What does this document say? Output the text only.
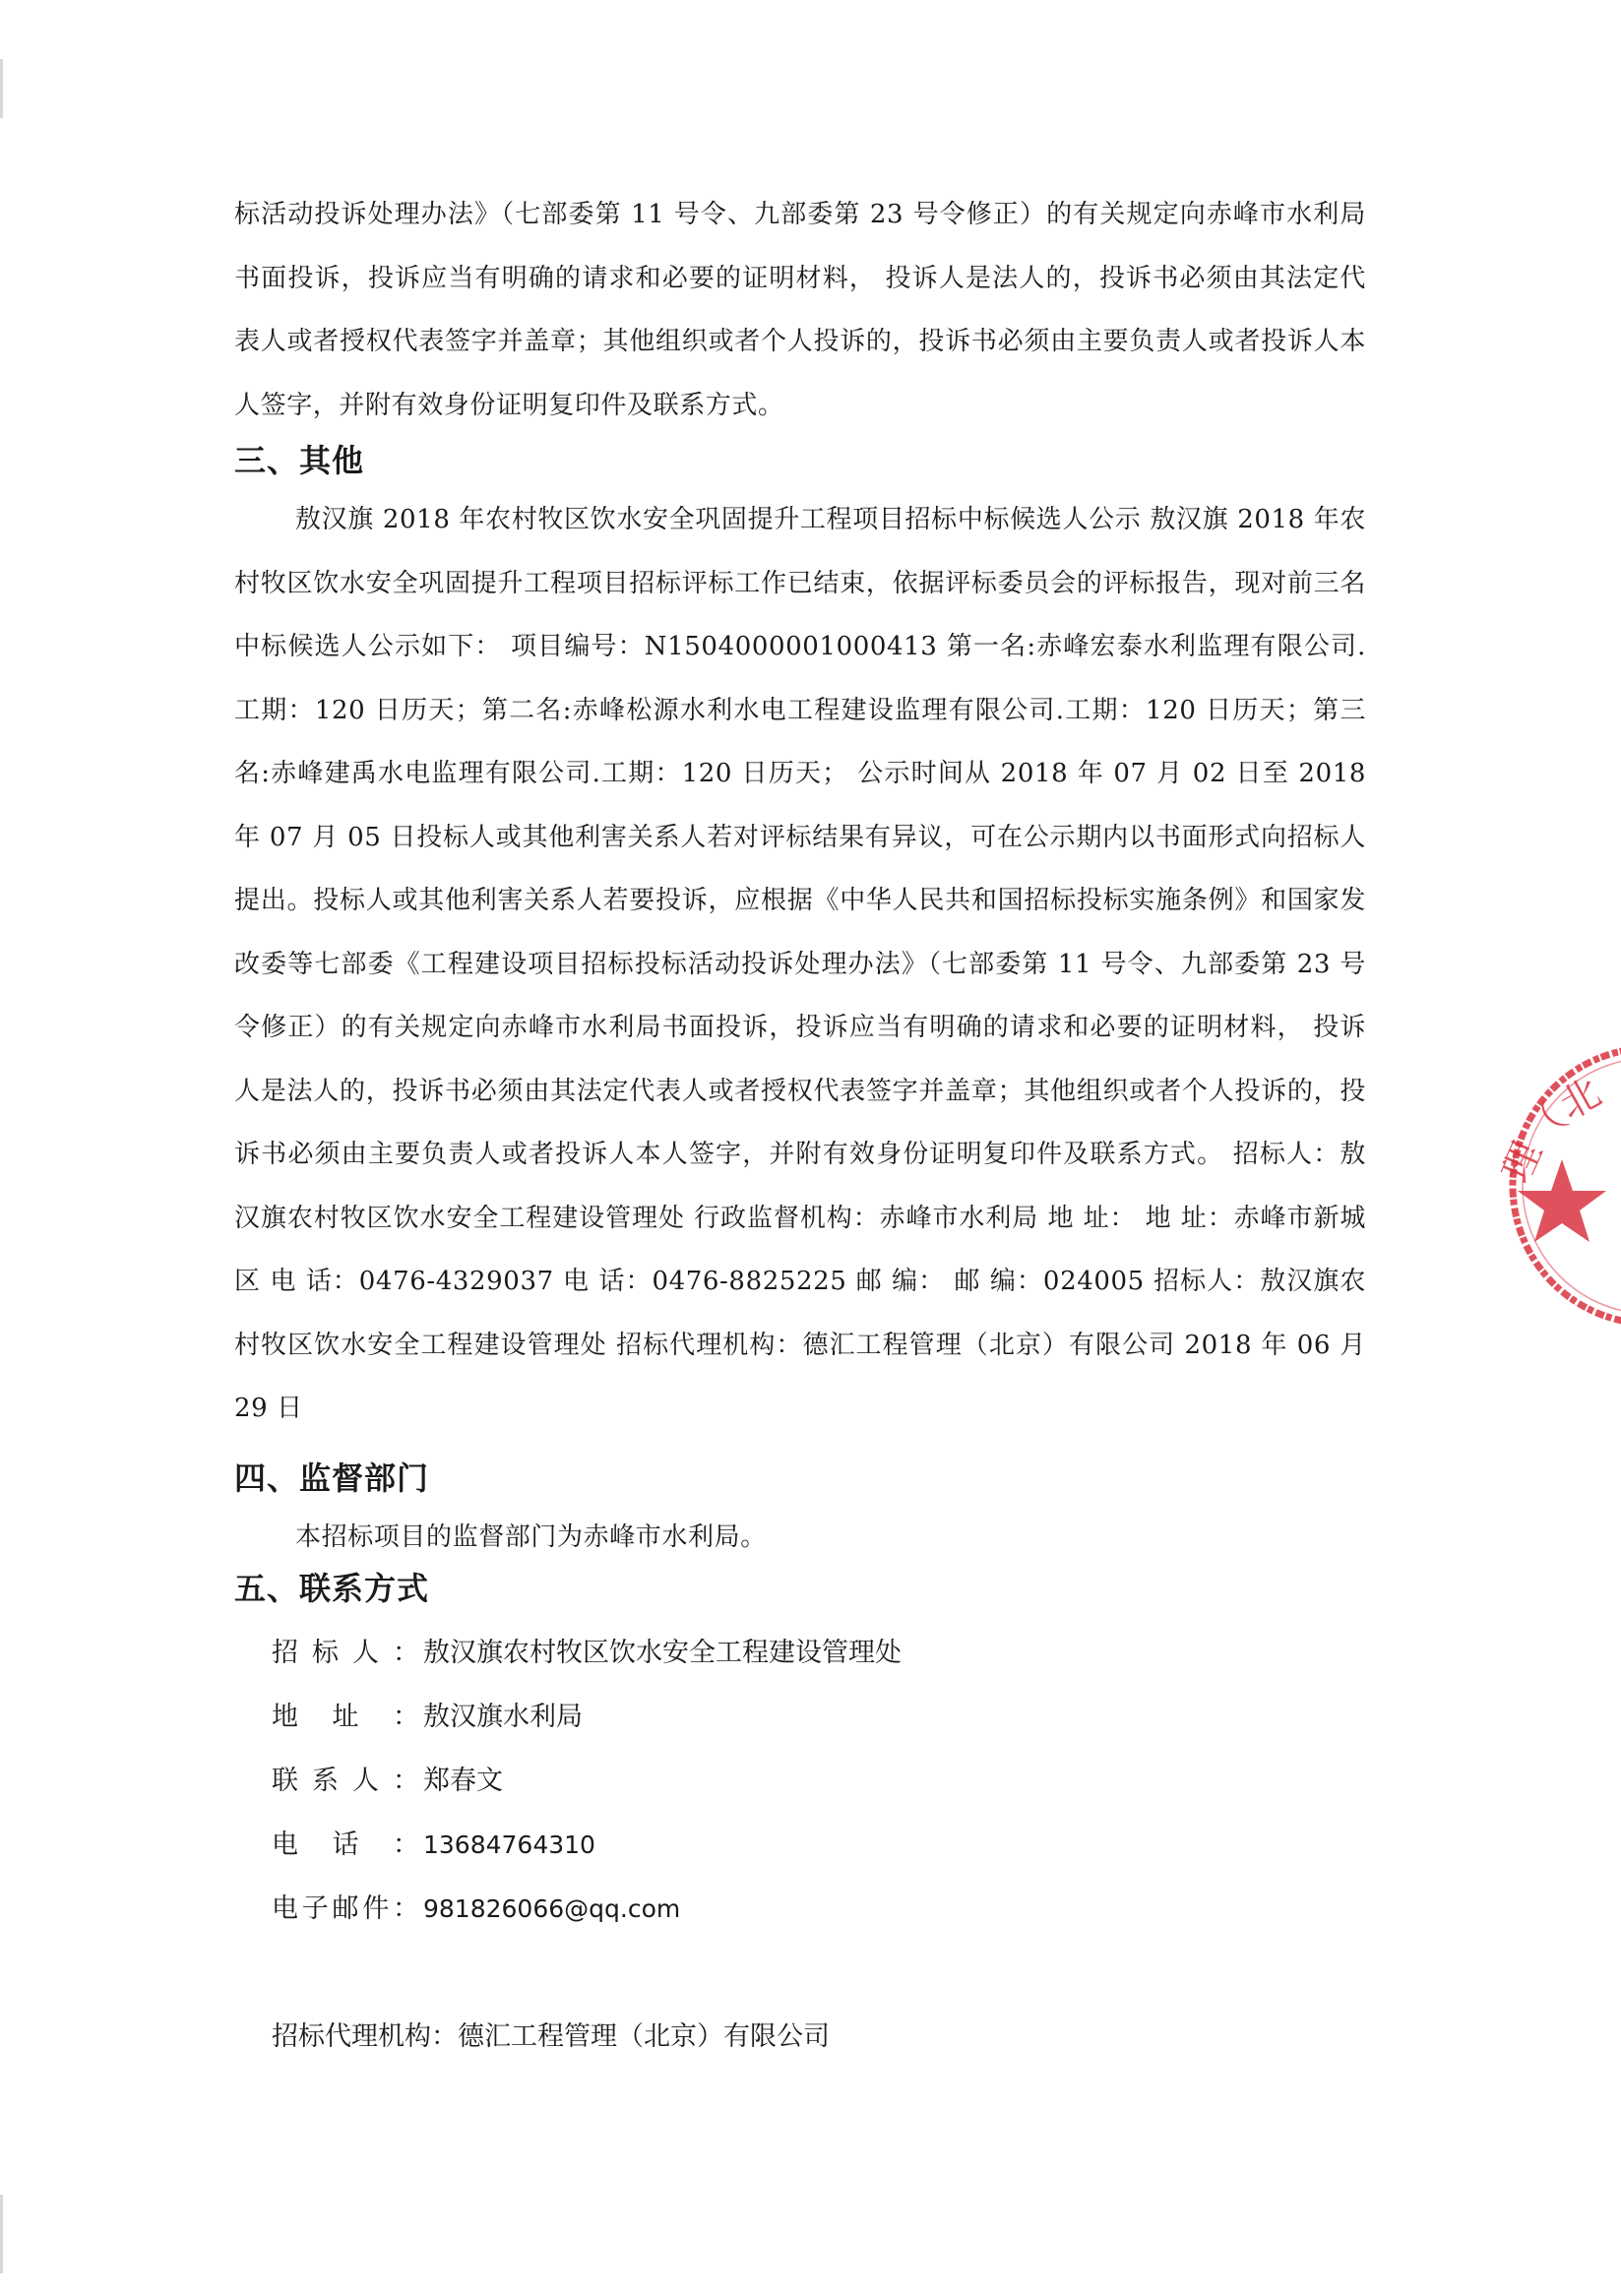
标活动投诉处理办法》（七部委第 11 号令、九部委第 23 号令修正）的有关规定向赤峰市水利局书面投诉，投诉应当有明确的请求和必要的证明材料， 投诉人是法人的，投诉书必须由其法定代表人或者授权代表签字并盖章；其他组织或者个人投诉的，投诉书必须由主要负责人或者投诉人本人签字，并附有效身份证明复印件及联系方式。

三、其他

敖汉旗 2018 年农村牧区饮水安全巩固提升工程项目招标中标候选人公示 敖汉旗 2018 年农村牧区饮水安全巩固提升工程项目招标评标工作已结束，依据评标委员会的评标报告，现对前三名中标候选人公示如下： 项目编号：N1504000001000413 第一名:赤峰宏泰水利监理有限公司.工期：120 日历天；第二名:赤峰松源水利水电工程建设监理有限公司.工期：120 日历天；第三名:赤峰建禹水电监理有限公司.工期：120 日历天； 公示时间从 2018 年 07 月 02 日至 2018 年 07 月 05 日投标人或其他利害关系人若对评标结果有异议，可在公示期内以书面形式向招标人提出。投标人或其他利害关系人若要投诉，应根据《中华人民共和国招标投标实施条例》和国家发改委等七部委《工程建设项目招标投标活动投诉处理办法》（七部委第 11 号令、九部委第 23 号令修正）的有关规定向赤峰市水利局书面投诉，投诉应当有明确的请求和必要的证明材料， 投诉人是法人的，投诉书必须由其法定代表人或者授权代表签字并盖章；其他组织或者个人投诉的，投诉书必须由主要负责人或者投诉人本人签字，并附有效身份证明复印件及联系方式。 招标人：敖汉旗农村牧区饮水安全工程建设管理处 行政监督机构：赤峰市水利局 地 址： 地 址：赤峰市新城区 电 话：0476-4329037 电 话：0476-8825225 邮 编： 邮 编：024005 招标人：敖汉旗农村牧区饮水安全工程建设管理处 招标代理机构：德汇工程管理（北京）有限公司 2018 年 06 月 29 日

四、监督部门

本招标项目的监督部门为赤峰市水利局。

五、联系方式
招标人： 敖汉旗农村牧区饮水安全工程建设管理处
地址： 敖汉旗水利局
联系人： 郑春文
电话： 13684764310
电子邮件： 981826066@qq.com
招标代理机构：德汇工程管理（北京）有限公司
理（北
